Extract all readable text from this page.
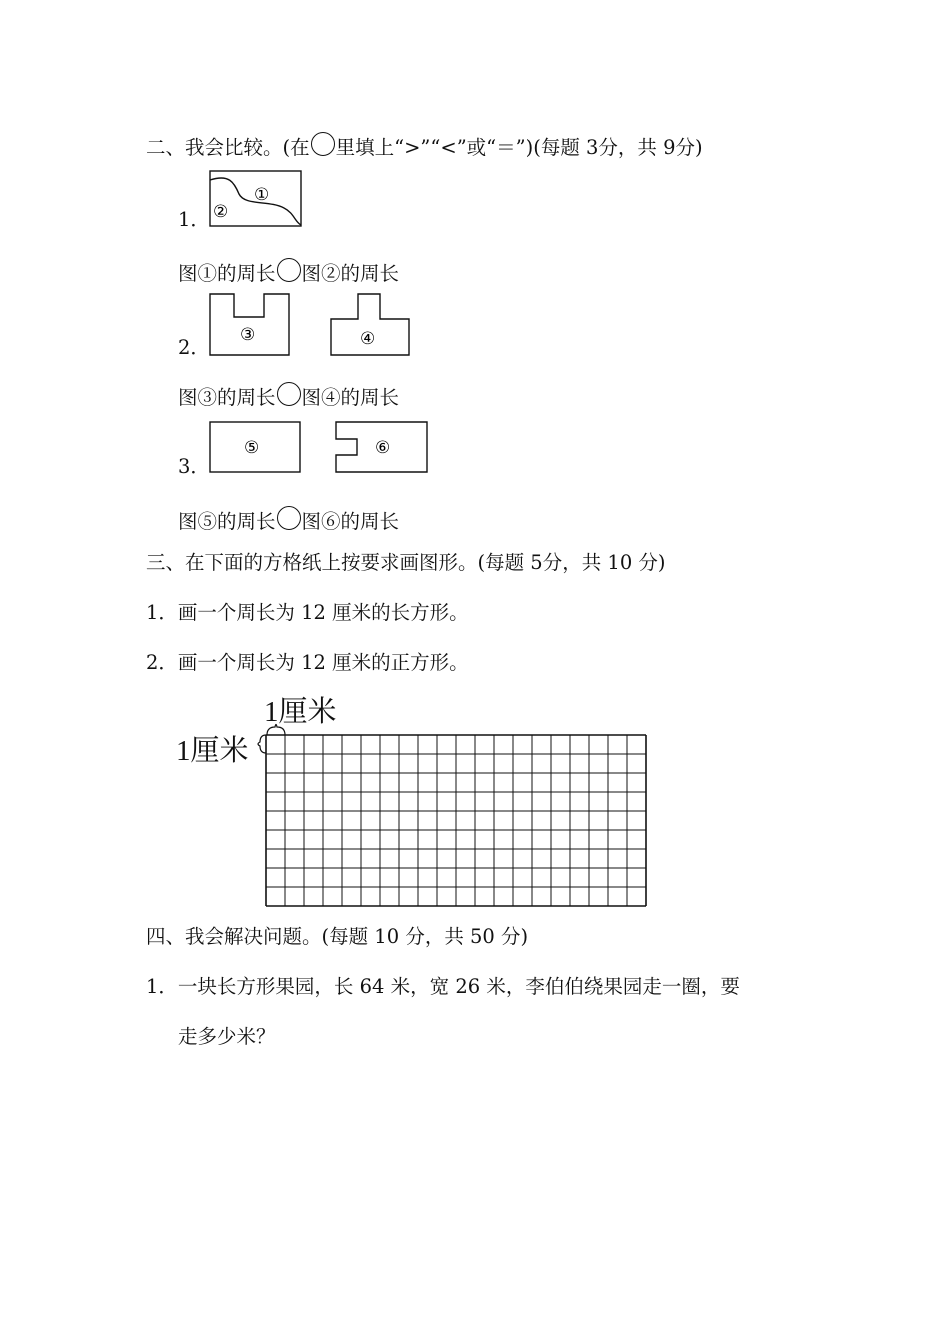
二、我会比较。(在 里填上“>”“<”或“＝”)(每题 3分，共 9分)
1．
①
②
图①的周长 图②的周长
2．
③	④
图③的周长 图④的周长
3．
⑤	⑥
图⑤的周长 图⑥的周长
三、在下面的方格纸上按要求画图形。(每题 5分，共 10 分)
1．画一个周长为 12 厘米的长方形。
2．画一个周长为 12 厘米的正方形。
1厘米
1厘米
四、我会解决问题。(每题 10 分，共 50 分)
1．一块长方形果园，长 64 米，宽 26 米，李伯伯绕果园走一圈，要
走多少米？
